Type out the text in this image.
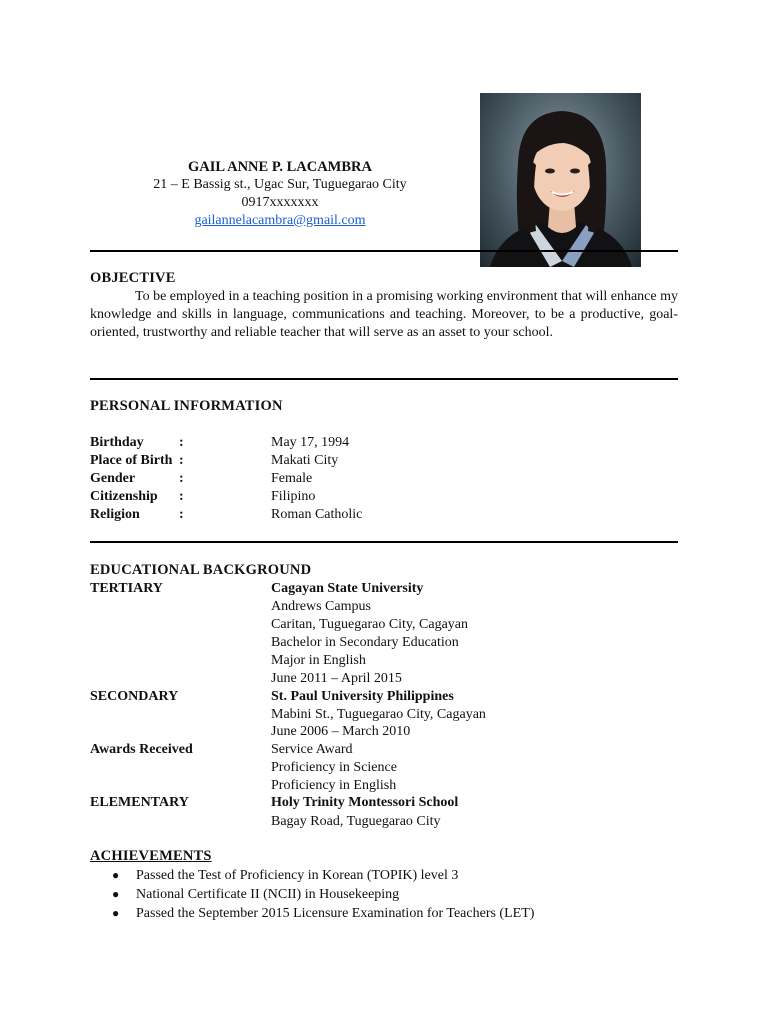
GAIL ANNE P. LACAMBRA
21 – E Bassig st., Ugac Sur, Tuguegarao City
0917xxxxxxx
gailannelacambra@gmail.com
OBJECTIVE
To be employed in a teaching position in a promising working environment that will enhance my knowledge and skills in language, communications and teaching. Moreover, to be a productive, goal- oriented, trustworthy and reliable teacher that will serve as an asset to your school.
PERSONAL INFORMATION
Birthday	:	May 17, 1994
Place of Birth :	Makati City
Gender	:	Female
Citizenship	:	Filipino
Religion	:	Roman Catholic
EDUCATIONAL BACKGROUND
TERTIARY	Cagayan State University
Andrews Campus
Caritan, Tuguegarao City, Cagayan
Bachelor in Secondary Education
Major in English
June 2011 – April 2015
SECONDARY	St. Paul University Philippines
Mabini St., Tuguegarao City, Cagayan
June 2006 – March 2010
Awards Received	Service Award
Proficiency in Science
Proficiency in English
ELEMENTARY	Holy Trinity Montessori School
Bagay Road, Tuguegarao City
ACHIEVEMENTS
● Passed the Test of Proficiency in Korean (TOPIK) level 3
● National Certificate II (NCII) in Housekeeping
● Passed the September 2015 Licensure Examination for Teachers (LET)
